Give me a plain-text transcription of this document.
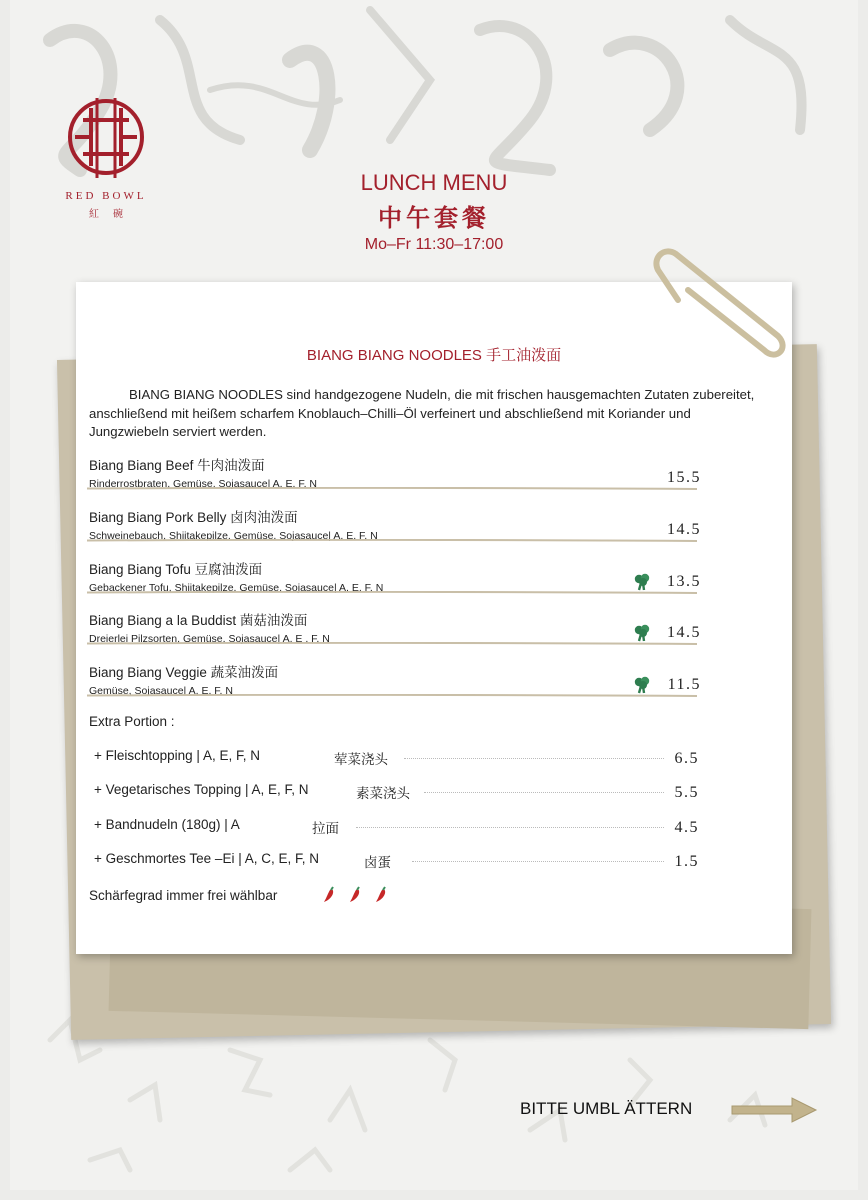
RED BOWL
紅碗
LUNCH MENU
中午套餐
Mo–Fr 11:30–17:00
BIANG BIANG NOODLES 手工油泼面
BIANG BIANG NOODLES sind handgezogene Nudeln, die mit frischen hausgemachten Zutaten zubereitet, anschließend mit heißem scharfem Knoblauch–Chilli–Öl verfeinert und abschließend mit Koriander und Jungzwiebeln serviert werden.
Biang Biang Beef 牛肉油泼面
Rinderrostbraten, Gemüse, Sojasauce| A, E, F, N	15.5
Biang Biang Pork Belly 卤肉油泼面
Schweinebauch, Shiitakepilze, Gemüse, Sojasauce| A, E, F, N	14.5
Biang Biang Tofu 豆腐油泼面
Gebackener Tofu, Shiitakepilze, Gemüse, Sojasauce| A, E, F, N	13.5
Biang Biang a la Buddist 菌菇油泼面
Dreierlei Pilzsorten, Gemüse, Sojasauce| A, E , F, N	14.5
Biang Biang Veggie 蔬菜油泼面
Gemüse, Sojasauce| A, E, F, N	11.5
Extra Portion :
+ Fleischtopping | A, E, F, N	荤菜浇头	6.5
+ Vegetarisches Topping | A, E, F, N	素菜浇头	5.5
+ Bandnudeln (180g) | A	拉面	4.5
+ Geschmortes Tee –Ei | A, C, E, F, N	卤蛋	1.5
Schärfegrad immer frei wählbar
BITTE UMBL ÄTTERN
